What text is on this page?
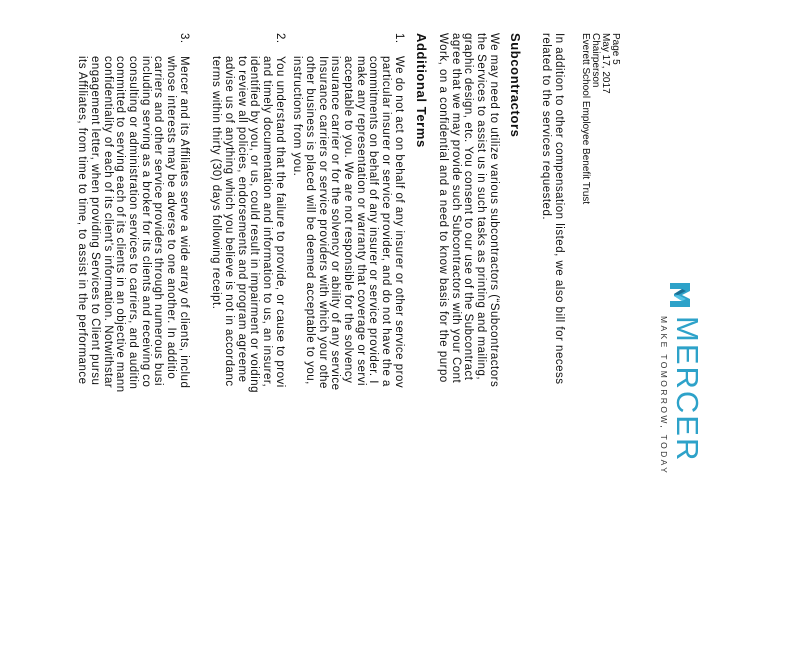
MERCER
MAKE TOMORROW, TODAY
Page 5
May 17, 2017
Chairperson
Everett School Employee Benefit Trust
In addition to other compensation listed, we also bill for necess
related to the services requested.
Subcontractors
We may need to utilize various subcontractors (“Subcontractors
the Services to assist us in such tasks as printing and mailing,
graphic design, etc. You consent to our use of the Subcontract
agree that we may provide such Subcontractors with your Cont
Work, on a confidential and a need to know basis for the purpo
Additional Terms
1.
We do not act on behalf of any insurer or other service prov
particular insurer or service provider, and do not have the a
commitments on behalf of any insurer or service provider. I
make any representation or warranty that coverage or servi
acceptable to you. We are not responsible for the solvency
insurance carrier or for the solvency or ability of any service
Insurance carriers or service providers with which your othe
other business is placed will be deemed acceptable to you,
instructions from you.
2.
You understand that the failure to provide, or cause to provi
and timely documentation and information to us, an insurer,
identified by you, or us, could result in impairment or voiding
to review all policies, endorsements and program agreeme
advise us of anything which you believe is not in accordanc
terms within thirty (30) days following receipt.
3.
Mercer and its Affiliates serve a wide array of clients, includ
whose interests may be adverse to one another. In additio
carriers and other service providers through numerous busi
including serving as a broker for its clients and receiving co
consulting or administration services to carriers, and auditin
committed to serving each of its clients in an objective mann
confidentiality of each of its client’s information. Notwithstar
engagement letter, when providing Services to Client pursu
its Affiliates, from time to time, to assist in the performance
